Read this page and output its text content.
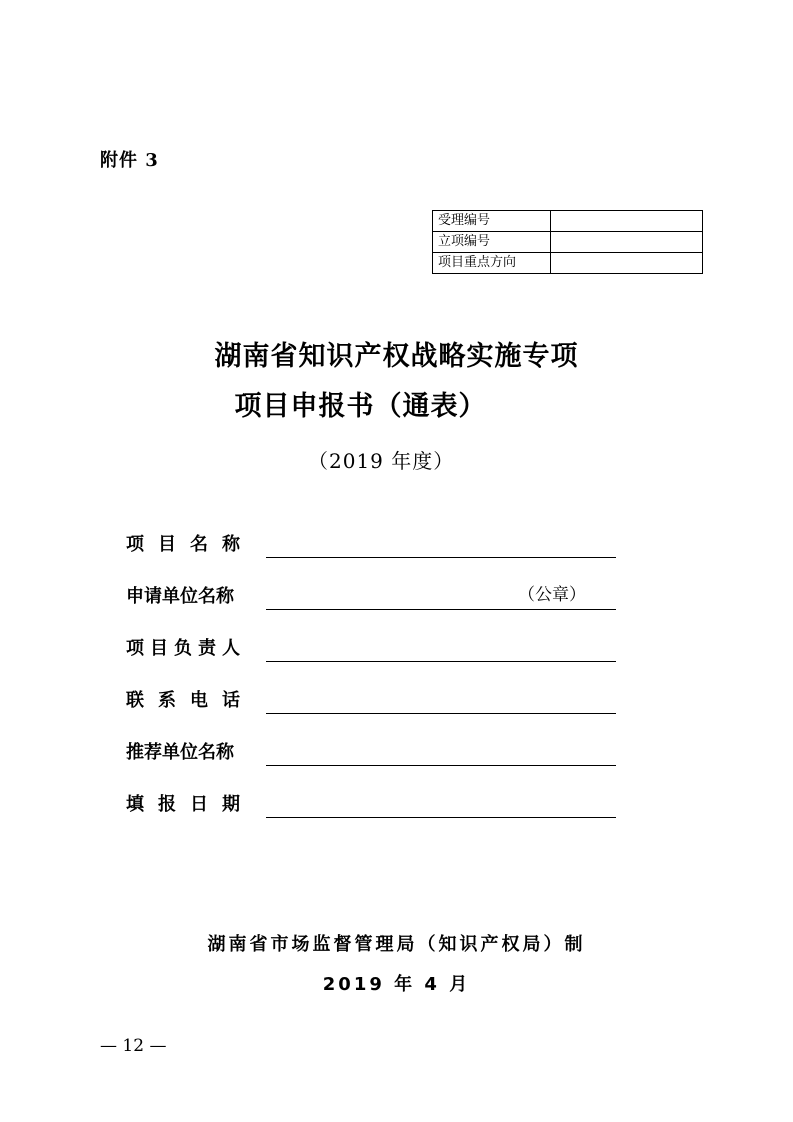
附件 3
受理编号	
立项编号	
项目重点方向	
湖南省知识产权战略实施专项
项目申报书（通表）
（2019 年度）
项目名称
申请单位名称	（公章）
项目负责人
联系电话
推荐单位名称
填报日期
湖南省市场监督管理局（知识产权局）制
2019 年 4 月
— 12 —
